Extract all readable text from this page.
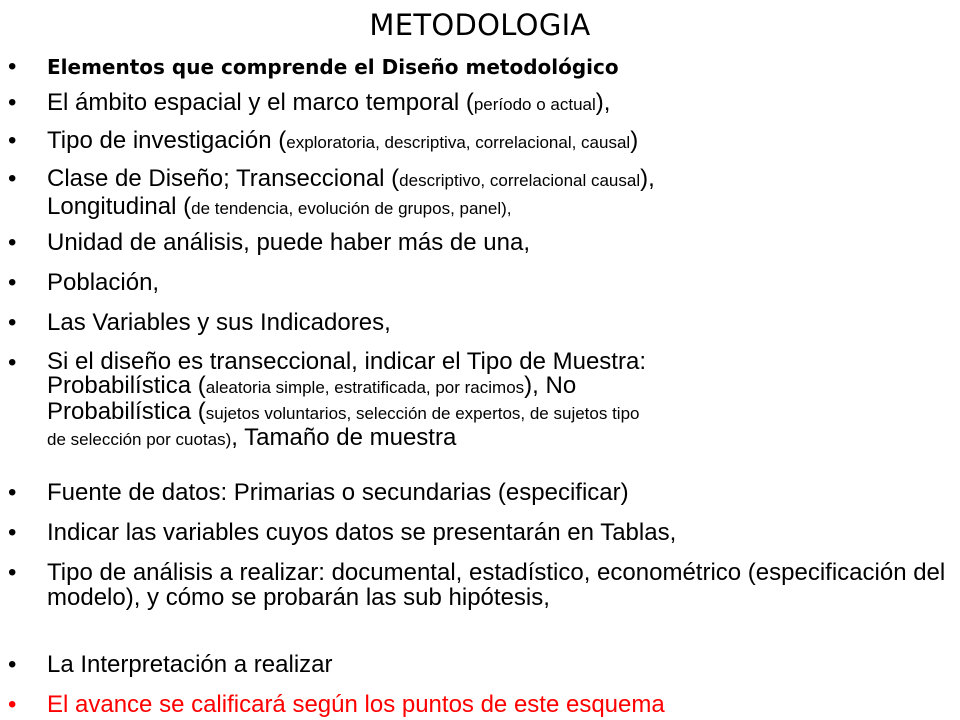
METODOLOGIA
• Elementos que comprende el Diseño metodológico
• El ámbito espacial y el marco temporal (período o actual),
• Tipo de investigación (exploratoria, descriptiva, correlacional, causal)
• Clase de Diseño; Transeccional (descriptivo, correlacional causal),
Longitudinal (de tendencia, evolución de grupos, panel),
• Unidad de análisis, puede haber más de una,
• Población,
• Las Variables y sus Indicadores,
• Si el diseño es transeccional, indicar el Tipo de Muestra:
Probabilística (aleatoria simple, estratificada, por racimos), No
Probabilística (sujetos voluntarios, selección de expertos, de sujetos tipo
de selección por cuotas), Tamaño de muestra
• Fuente de datos: Primarias o secundarias (especificar)
• Indicar las variables cuyos datos se presentarán en Tablas,
• Tipo de análisis a realizar: documental, estadístico, econométrico (especificación del modelo), y cómo se probarán las sub hipótesis,
• La Interpretación a realizar
• El avance se calificará según los puntos de este esquema
